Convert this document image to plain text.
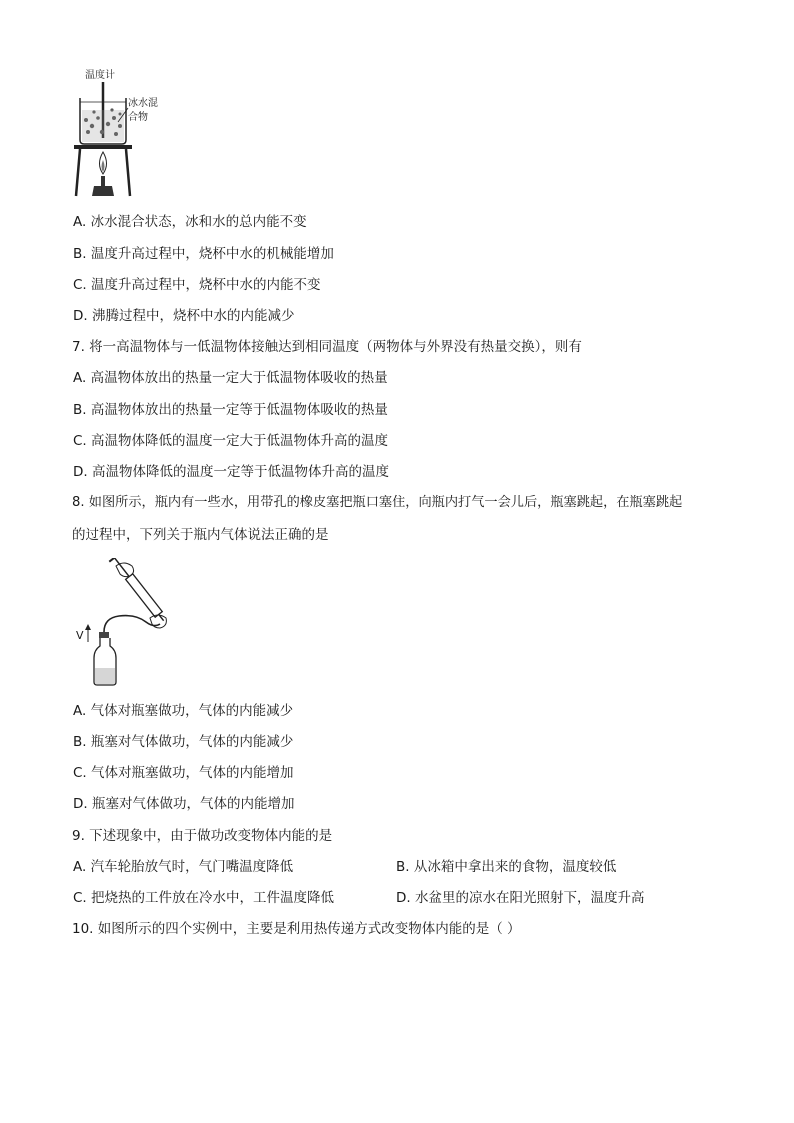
温度计
冰水混
合物
A. 冰水混合状态，冰和水的总内能不变
B. 温度升高过程中，烧杯中水的机械能增加
C. 温度升高过程中，烧杯中水的内能不变
D. 沸腾过程中，烧杯中水的内能减少
7. 将一高温物体与一低温物体接触达到相同温度（两物体与外界没有热量交换），则有
A. 高温物体放出的热量一定大于低温物体吸收的热量
B. 高温物体放出的热量一定等于低温物体吸收的热量
C. 高温物体降低的温度一定大于低温物体升高的温度
D. 高温物体降低的温度一定等于低温物体升高的温度
8. 如图所示，瓶内有一些水，用带孔的橡皮塞把瓶口塞住，向瓶内打气一会儿后，瓶塞跳起，在瓶塞跳起
的过程中，下列关于瓶内气体说法正确的是
V
A. 气体对瓶塞做功，气体的内能减少
B. 瓶塞对气体做功，气体的内能减少
C. 气体对瓶塞做功，气体的内能增加
D. 瓶塞对气体做功，气体的内能增加
9. 下述现象中，由于做功改变物体内能的是
A. 汽车轮胎放气时，气门嘴温度降低	B. 从冰箱中拿出来的食物，温度较低
C. 把烧热的工件放在冷水中，工件温度降低	D. 水盆里的凉水在阳光照射下，温度升高
10. 如图所示的四个实例中，主要是利用热传递方式改变物体内能的是（ ）
